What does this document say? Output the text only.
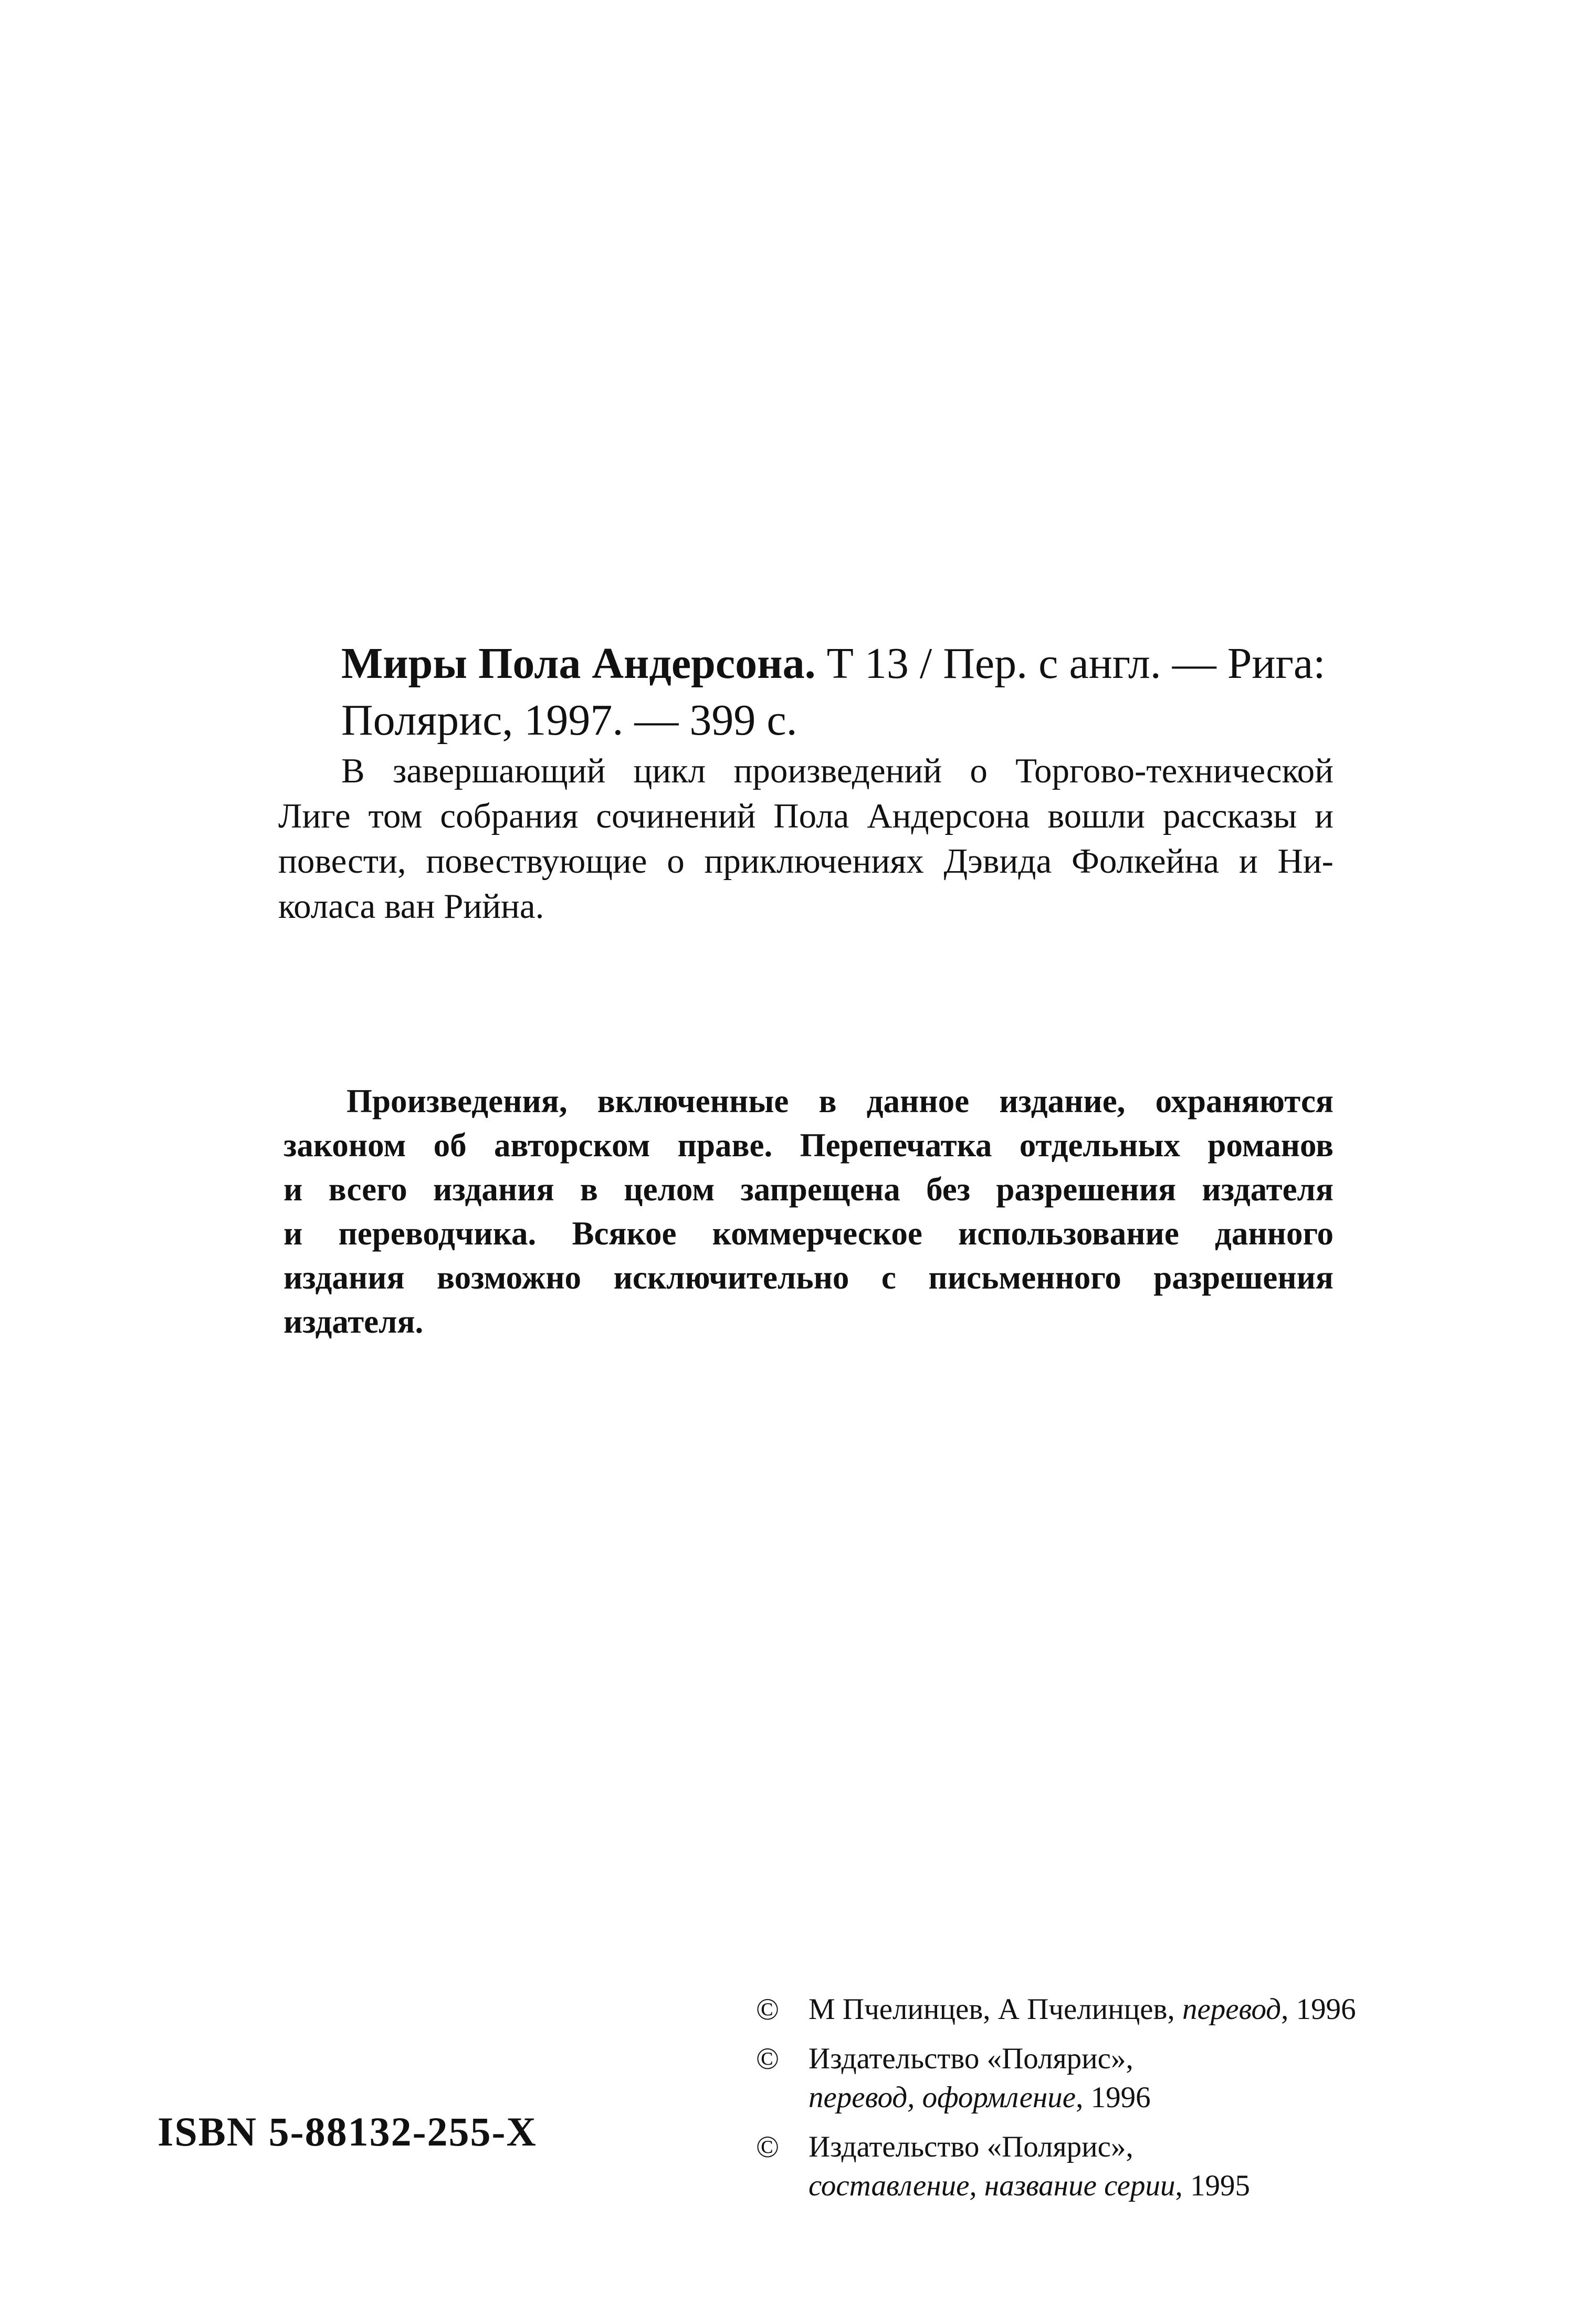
Миры Пола Андерсона. Т 13 / Пер. с англ. — Рига:
Полярис, 1997. — 399 с.
В завершающий цикл произведений о Торгово-технической
Лиге том собрания сочинений Пола Андерсона вошли рассказы и
повести, повествующие о приключениях Дэвида Фолкейна и Ни-
коласа ван Рийна.
Произведения, включенные в данное издание, охраняются
законом об авторском праве. Перепечатка отдельных романов
и всего издания в целом запрещена без разрешения издателя
и переводчика. Всякое коммерческое использование данного
издания возможно исключительно с письменного разрешения
издателя.
ISBN 5-88132-255-X
© М Пчелинцев, А Пчелинцев, перевод, 1996
© Издательство «Полярис»,
перевод, оформление, 1996
© Издательство «Полярис»,
составление, название серии, 1995
